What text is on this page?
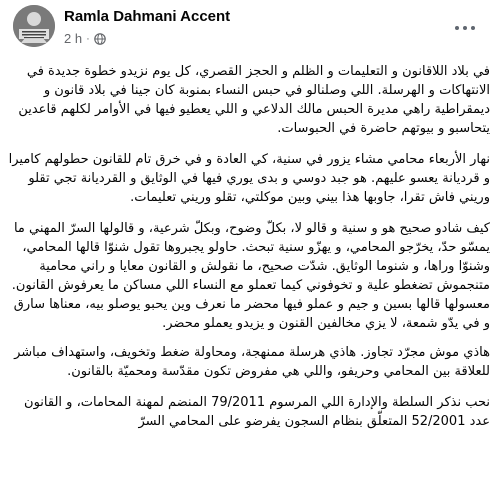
Ramla Dahmani Accent
2 h ·

في بلاد اللاقانون و التعليمات و الظلم و الحجز القصري، كل يوم نزيدو خطوة جديدة في الانتهاكات و الهرسلة. اللي وصلنالو في حبس النساء بمنوبة كان جينا في بلاد قانون و ديمقراطية راهي مديرة الحبس مالك الدلاعي و اللي يعطيو فيها في الأوامر لكلهم قاعدين يتحاسبو و بيوتهم حاضرة في الحبوسات.

نهار الأربعاء محامي مشاء يزور في سنية، كي العادة و في خرق تام للقانون حطولهم كاميرا و قرديانة يعسو عليهم. هو جبد دوسي و بدى يوري فيها في الوثايق و القرديانة تجي تقلو وريني فاش تقرا، جاوبها هذا بيني وبين موكلتي، تقلو وريني تعليمات.

كيف شادو صحيح هو و سنية و قالو لا، بكلّ وضوح، وبكلّ شرعية، و قالولها السرّ المهني ما يمسّو حدّ، يخرّجو المحامي، و يهزّو سنية تبحث. حاولو يجبروها تقول شنوّا قالها المحامي، وشنوّا وراها، و شنوما الوثايق. شدّت صحيح، ما نقولش و القانون معايا و راني محامية متنجموش تضغطو علية و تخوفوني كيما تعملو مع النساء اللي مساكن ما يعرفوش القانون. معسولها قالها بسين و جيم و عملو فيها محضر ما نعرف وين يحبو يوصلو بيه، معناها سارق و في يدّو شمعة، لا يزي مخالفين القنون و يزيدو يعملو محضر.

هاذي موش مجرّد تجاوز. هاذي هرسلة ممنهجة، ومحاولة ضغط وتخويف، واستهداف مباشر للعلاقة بين المحامي وحريفو، واللي هي مفروض تكون مقدّسة ومحميّة بالقانون.

نحب نذكر السلطة والإدارة اللي المرسوم 79/2011 المنضم لمهنة المحامات، و القانون عدد 52/2001 المتعلّق بنظام السجون يفرضو على المحامي السرّ
